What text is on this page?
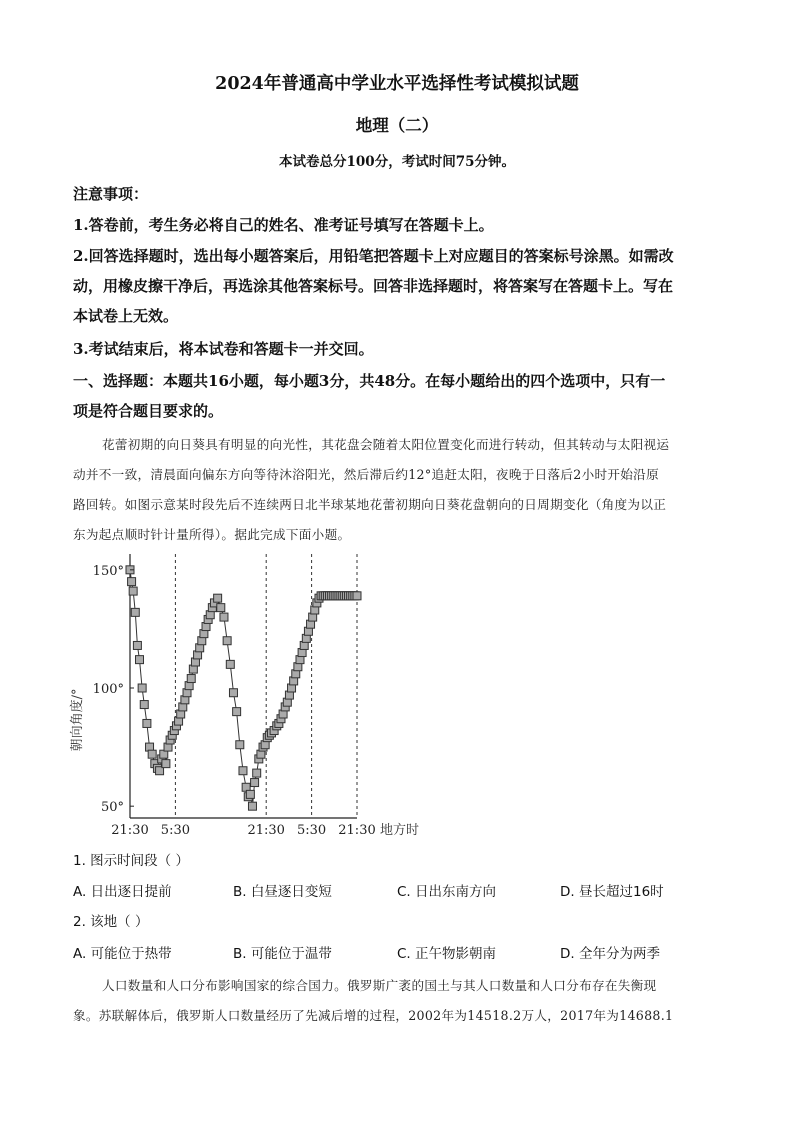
2024年普通高中学业水平选择性考试模拟试题
地理（二）
本试卷总分100分，考试时间75分钟。
注意事项：
1.答卷前，考生务必将自己的姓名、准考证号填写在答题卡上。
2.回答选择题时，选出每小题答案后，用铅笔把答题卡上对应题目的答案标号涂黑。如需改
动，用橡皮擦干净后，再选涂其他答案标号。回答非选择题时，将答案写在答题卡上。写在
本试卷上无效。
3.考试结束后，将本试卷和答题卡一并交回。
一、选择题：本题共16小题，每小题3分，共48分。在每小题给出的四个选项中，只有一
项是符合题目要求的。
花蕾初期的向日葵具有明显的向光性，其花盘会随着太阳位置变化而进行转动，但其转动与太阳视运
动并不一致，清晨面向偏东方向等待沐浴阳光，然后滞后约12°追赶太阳，夜晚于日落后2小时开始沿原
路回转。如图示意某时段先后不连续两日北半球某地花蕾初期向日葵花盘朝向的日周期变化（角度为以正
东为起点顺时针计量所得）。据此完成下面小题。
150°
100°
50°
21:30 5:30	21:30 5:30 21:30
朝向角度/°
地方时
1. 图示时间段（ ）
A. 日出逐日提前	B. 白昼逐日变短	C. 日出东南方向	D. 昼长超过16时
2. 该地（ ）
A. 可能位于热带	B. 可能位于温带	C. 正午物影朝南	D. 全年分为两季
人口数量和人口分布影响国家的综合国力。俄罗斯广袤的国土与其人口数量和人口分布存在失衡现
象。苏联解体后，俄罗斯人口数量经历了先减后增的过程，2002年为14518.2万人，2017年为14688.1
